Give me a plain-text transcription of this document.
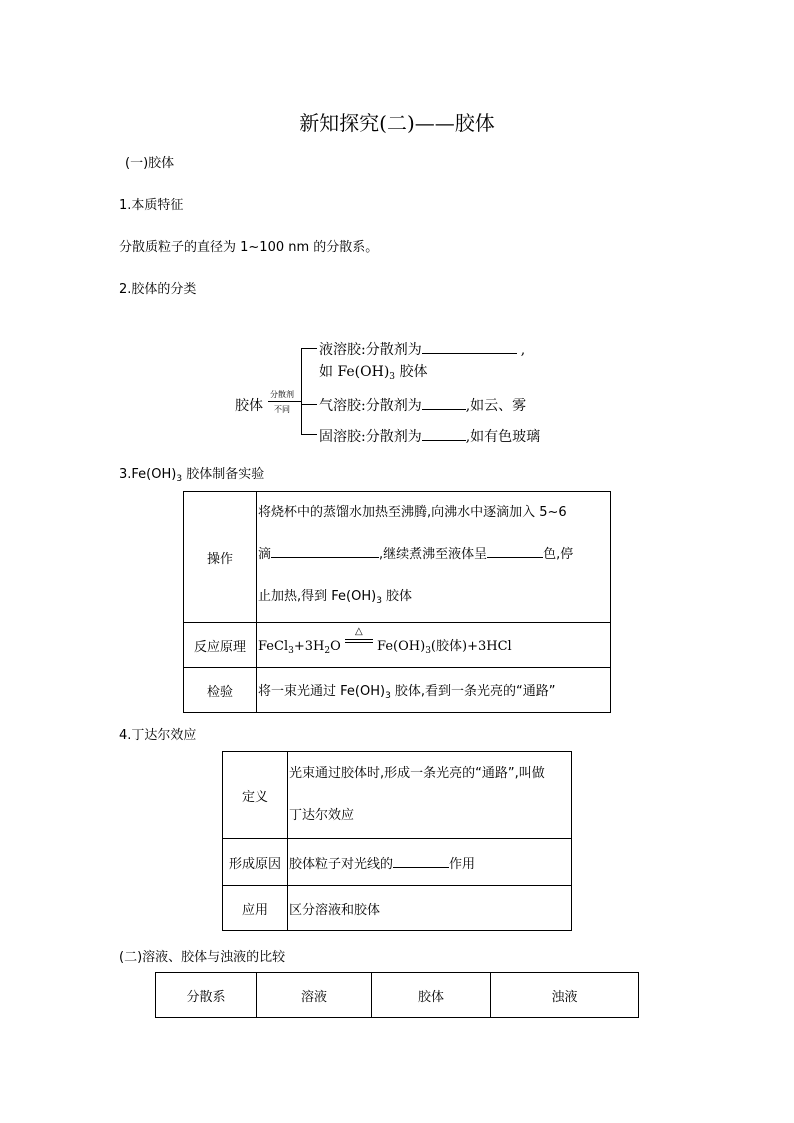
新知探究(二)——胶体
(一)胶体
1.本质特征
分散质粒子的直径为 1~100 nm 的分散系。
2.胶体的分类
胶体
分散剂
不同
液溶胶:分散剂为	,
如 $Fe(OH)_3$ 胶体
气溶胶:分散剂为	,如云、雾
固溶胶:分散剂为	,如有色玻璃
$3.Fe(OH)_3$ 胶体制备实验
操作	将烧杯中的蒸馏水加热至沸腾,向沸水中逐滴加入 5~6
滴 ,继续煮沸至液体呈 色,停
止加热,得到 $Fe(OH)_3$ 胶体

反应原理	$FeCl_3+3H_2O$
△
$Fe(OH)_3$(胶体)+3HCl
检验	将一束光通过 $Fe(OH)_3$ 胶体,看到一条光亮的“通路”
4.丁达尔效应
定义	光束通过胶体时,形成一条光亮的“通路”,叫做
丁达尔效应

形成原因	胶体粒子对光线的 作用
应用	区分溶液和胶体
(二)溶液、胶体与浊液的比较
分散系	溶液	胶体	浊液
